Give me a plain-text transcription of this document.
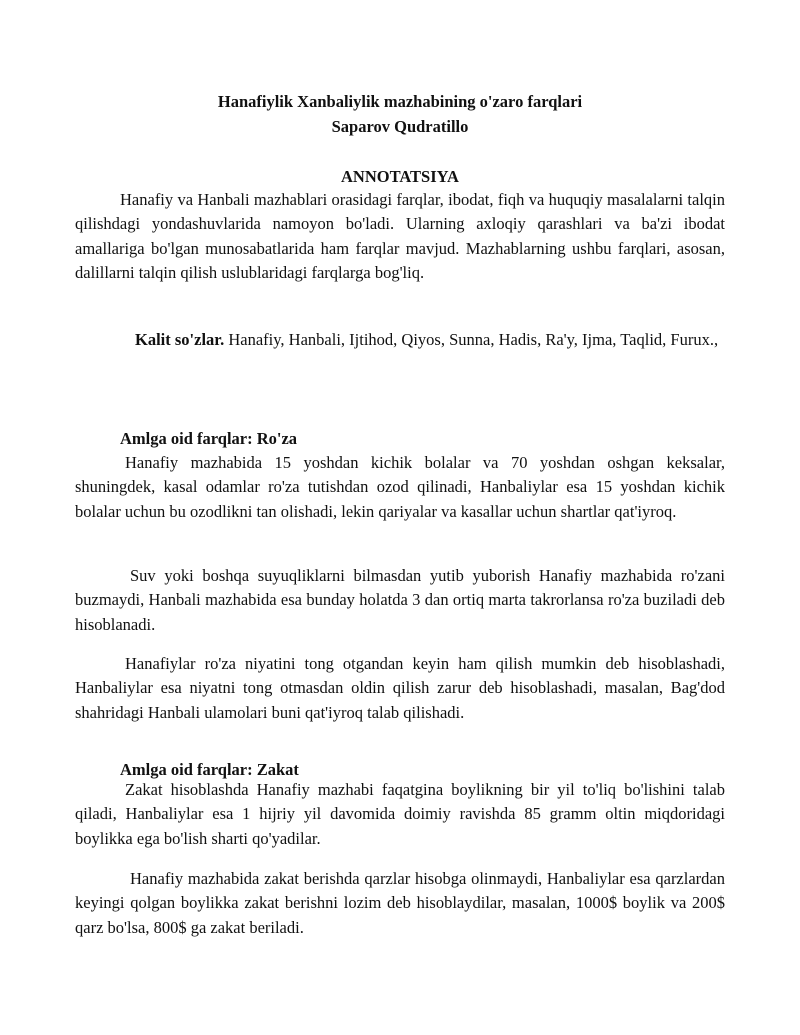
Hanafiylik Xanbaliylik mazhabining o'zaro farqlari

Saparov Qudratillo

ANNOTATSIYA

Hanafiy va Hanbali mazhablari orasidagi farqlar, ibodat, fiqh va huquqiy masalalarni talqin qilishdagi yondashuvlarida namoyon bo'ladi. Ularning axloqiy qarashlari va ba'zi ibodat amallariga bo'lgan munosabatlarida ham farqlar mavjud. Mazhablarning ushbu farqlari, asosan, dalillarni talqin qilish uslublaridagi farqlarga bog'liq.

Kalit so'zlar. Hanafiy, Hanbali, Ijtihod, Qiyos, Sunna, Hadis, Ra'y, Ijma, Taqlid, Furux.,

Amlga oid farqlar: Ro'za

Hanafiy mazhabida 15 yoshdan kichik bolalar va 70 yoshdan oshgan keksalar, shuningdek, kasal odamlar ro'za tutishdan ozod qilinadi, Hanbaliylar esa 15 yoshdan kichik bolalar uchun bu ozodlikni tan olishadi, lekin qariyalar va kasallar uchun shartlar qat'iyroq.

Suv yoki boshqa suyuqliklarni bilmasdan yutib yuborish Hanafiy mazhabida ro'zani buzmaydi, Hanbali mazhabida esa bunday holatda 3 dan ortiq marta takrorlansa ro'za buziladi deb hisoblanadi.

Hanafiylar ro'za niyatini tong otgandan keyin ham qilish mumkin deb hisoblashadi, Hanbaliylar esa niyatni tong otmasdan oldin qilish zarur deb hisoblashadi, masalan, Bag'dod shahridagi Hanbali ulamolari buni qat'iyroq talab qilishadi.

Amlga oid farqlar: Zakat

Zakat hisoblashda Hanafiy mazhabi faqatgina boylikning bir yil to'liq bo'lishini talab qiladi, Hanbaliylar esa 1 hijriy yil davomida doimiy ravishda 85 gramm oltin miqdoridagi boylikka ega bo'lish sharti qo'yadilar.

Hanafiy mazhabida zakat berishda qarzlar hisobga olinmaydi, Hanbaliylar esa qarzlardan keyingi qolgan boylikka zakat berishni lozim deb hisoblaydilar, masalan, 1000$ boylik va 200$ qarz bo'lsa, 800$ ga zakat beriladi.
